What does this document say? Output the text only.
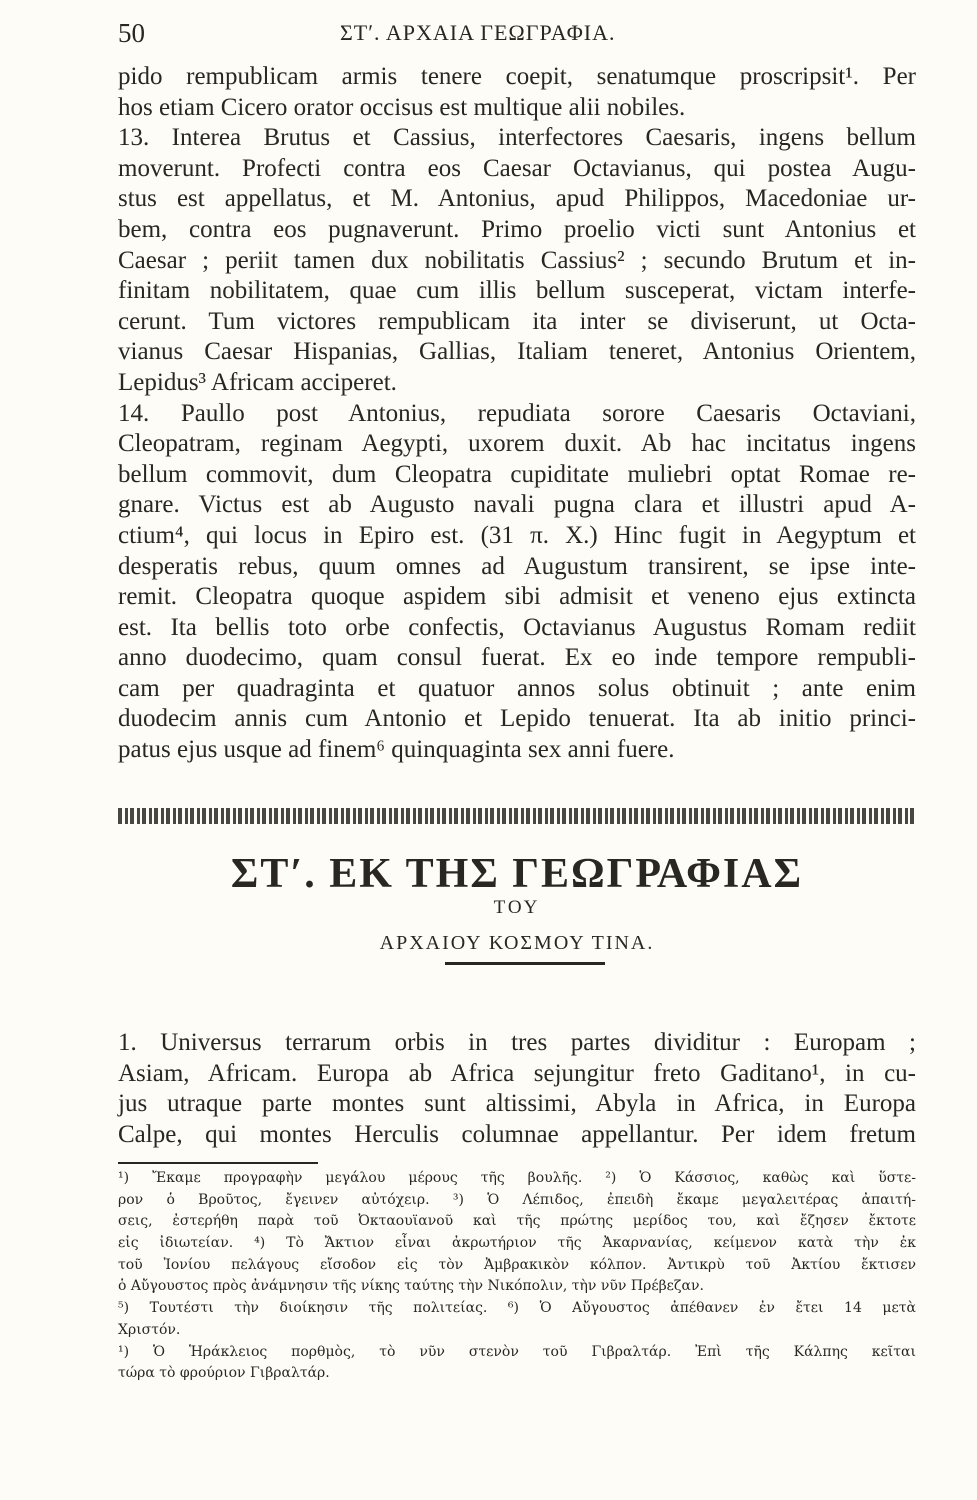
50	ΣΤʹ. ΑΡΧΑΙΑ ΓΕΩΓΡΑΦΙΑ.
pido rempublicam armis tenere coepit, senatumque proscripsit¹. Per
hos etiam Cicero orator occisus est multique alii nobiles.
13. Interea Brutus et Cassius, interfectores Caesaris, ingens bellum
moverunt. Profecti contra eos Caesar Octavianus, qui postea Augu-
stus est appellatus, et M. Antonius, apud Philippos, Macedoniae ur-
bem, contra eos pugnaverunt. Primo proelio victi sunt Antonius et
Caesar ; periit tamen dux nobilitatis Cassius² ; secundo Brutum et in-
finitam nobilitatem, quae cum illis bellum susceperat, victam interfe-
cerunt. Tum victores rempublicam ita inter se diviserunt, ut Octa-
vianus Caesar Hispanias, Gallias, Italiam teneret, Antonius Orientem,
Lepidus³ Africam acciperet.
14. Paullo post Antonius, repudiata sorore Caesaris Octaviani,
Cleopatram, reginam Aegypti, uxorem duxit. Ab hac incitatus ingens
bellum commovit, dum Cleopatra cupiditate muliebri optat Romae re-
gnare. Victus est ab Augusto navali pugna clara et illustri apud A-
ctium⁴, qui locus in Epiro est. (31 π. X.) Hinc fugit in Aegyptum et
desperatis rebus, quum omnes ad Augustum transirent, se ipse inte-
remit. Cleopatra quoque aspidem sibi admisit et veneno ejus extincta
est. Ita bellis toto orbe confectis, Octavianus Augustus Romam rediit
anno duodecimo, quam consul fuerat. Ex eo inde tempore rempubli-
cam per quadraginta et quatuor annos solus obtinuit ; ante enim
duodecim annis cum Antonio et Lepido tenuerat. Ita ab initio princi-
patus ejus usque ad finem⁶ quinquaginta sex anni fuere.
ΣΤʹ. ΕΚ ΤΗΣ ΓΕΩΓΡΑΦΙΑΣ
ΤΟΥ
ΑΡΧΑΙΟΥ ΚΟΣΜΟΥ ΤΙΝΑ.
1. Universus terrarum orbis in tres partes dividitur : Europam ;
Asiam, Africam. Europa ab Africa sejungitur freto Gaditano¹, in cu-
jus utraque parte montes sunt altissimi, Abyla in Africa, in Europa
Calpe, qui montes Herculis columnae appellantur. Per idem fretum
¹) Ἔκαμε προγραφὴν μεγάλου μέρους τῆς βουλῆς. ²) Ὁ Κάσσιος, καθὼς καὶ ὕστε-
ρον ὁ Βροῦτος, ἔγεινεν αὐτόχειρ. ³) Ὁ Λέπιδος, ἐπειδὴ ἔκαμε μεγαλειτέρας ἀπαιτή-
σεις, ἐστερήθη παρὰ τοῦ Ὀκταουϊανοῦ καὶ τῆς πρώτης μερίδος του, καὶ ἔζησεν ἔκτοτε
εἰς ἰδιωτείαν. ⁴) Τὸ Ἄκτιον εἶναι ἀκρωτήριον τῆς Ἀκαρνανίας, κείμενον κατὰ τὴν ἐκ
τοῦ Ἰονίου πελάγους εἴσοδον εἰς τὸν Ἀμβρακικὸν κόλπον. Ἀντικρὺ τοῦ Ἀκτίου ἔκτισεν
ὁ Αὔγουστος πρὸς ἀνάμνησιν τῆς νίκης ταύτης τὴν Νικόπολιν, τὴν νῦν Πρέβεζαν.
⁵) Τουτέστι τὴν διοίκησιν τῆς πολιτείας. ⁶) Ὁ Αὔγουστος ἀπέθανεν ἐν ἔτει 14 μετὰ
Χριστόν.
¹) Ὁ Ἡράκλειος πορθμὸς, τὸ νῦν στενὸν τοῦ Γιβραλτάρ. Ἐπὶ τῆς Κάλπης κεῖται
τώρα τὸ φρούριον Γιβραλτάρ.
